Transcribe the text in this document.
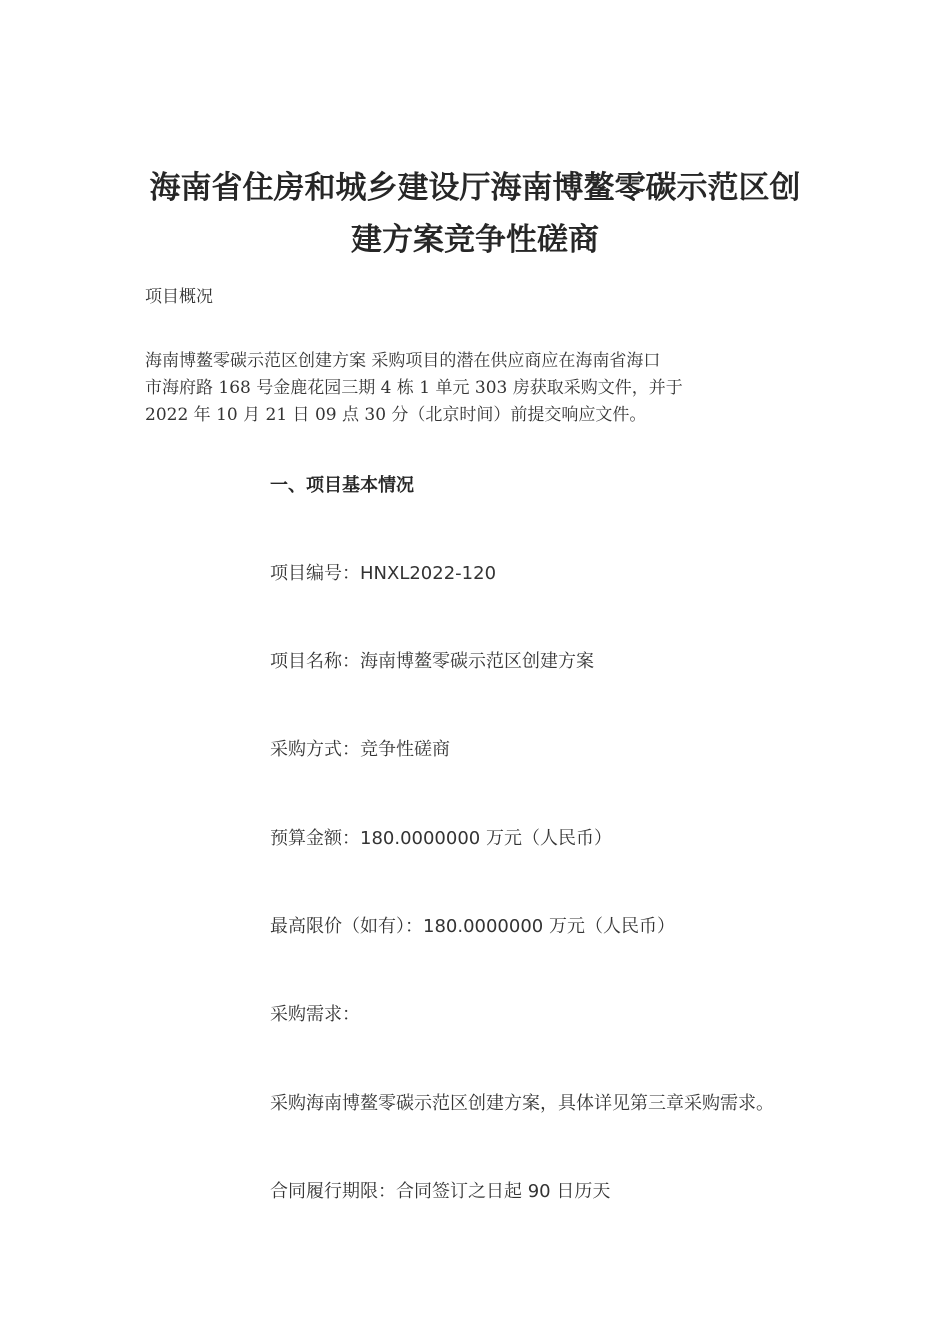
海南省住房和城乡建设厅海南博鳌零碳示范区创
建方案竞争性磋商
项目概况
海南博鳌零碳示范区创建方案 采购项目的潜在供应商应在海南省海口
市海府路 168 号金鹿花园三期 4 栋 1 单元 303 房获取采购文件，并于
2022 年 10 月 21 日 09 点 30 分（北京时间）前提交响应文件。
一、项目基本情况
项目编号：HNXL2022-120
项目名称：海南博鳌零碳示范区创建方案
采购方式：竞争性磋商
预算金额：180.0000000 万元（人民币）
最高限价（如有）：180.0000000 万元（人民币）
采购需求：
采购海南博鳌零碳示范区创建方案，具体详见第三章采购需求。
合同履行期限：合同签订之日起 90 日历天
